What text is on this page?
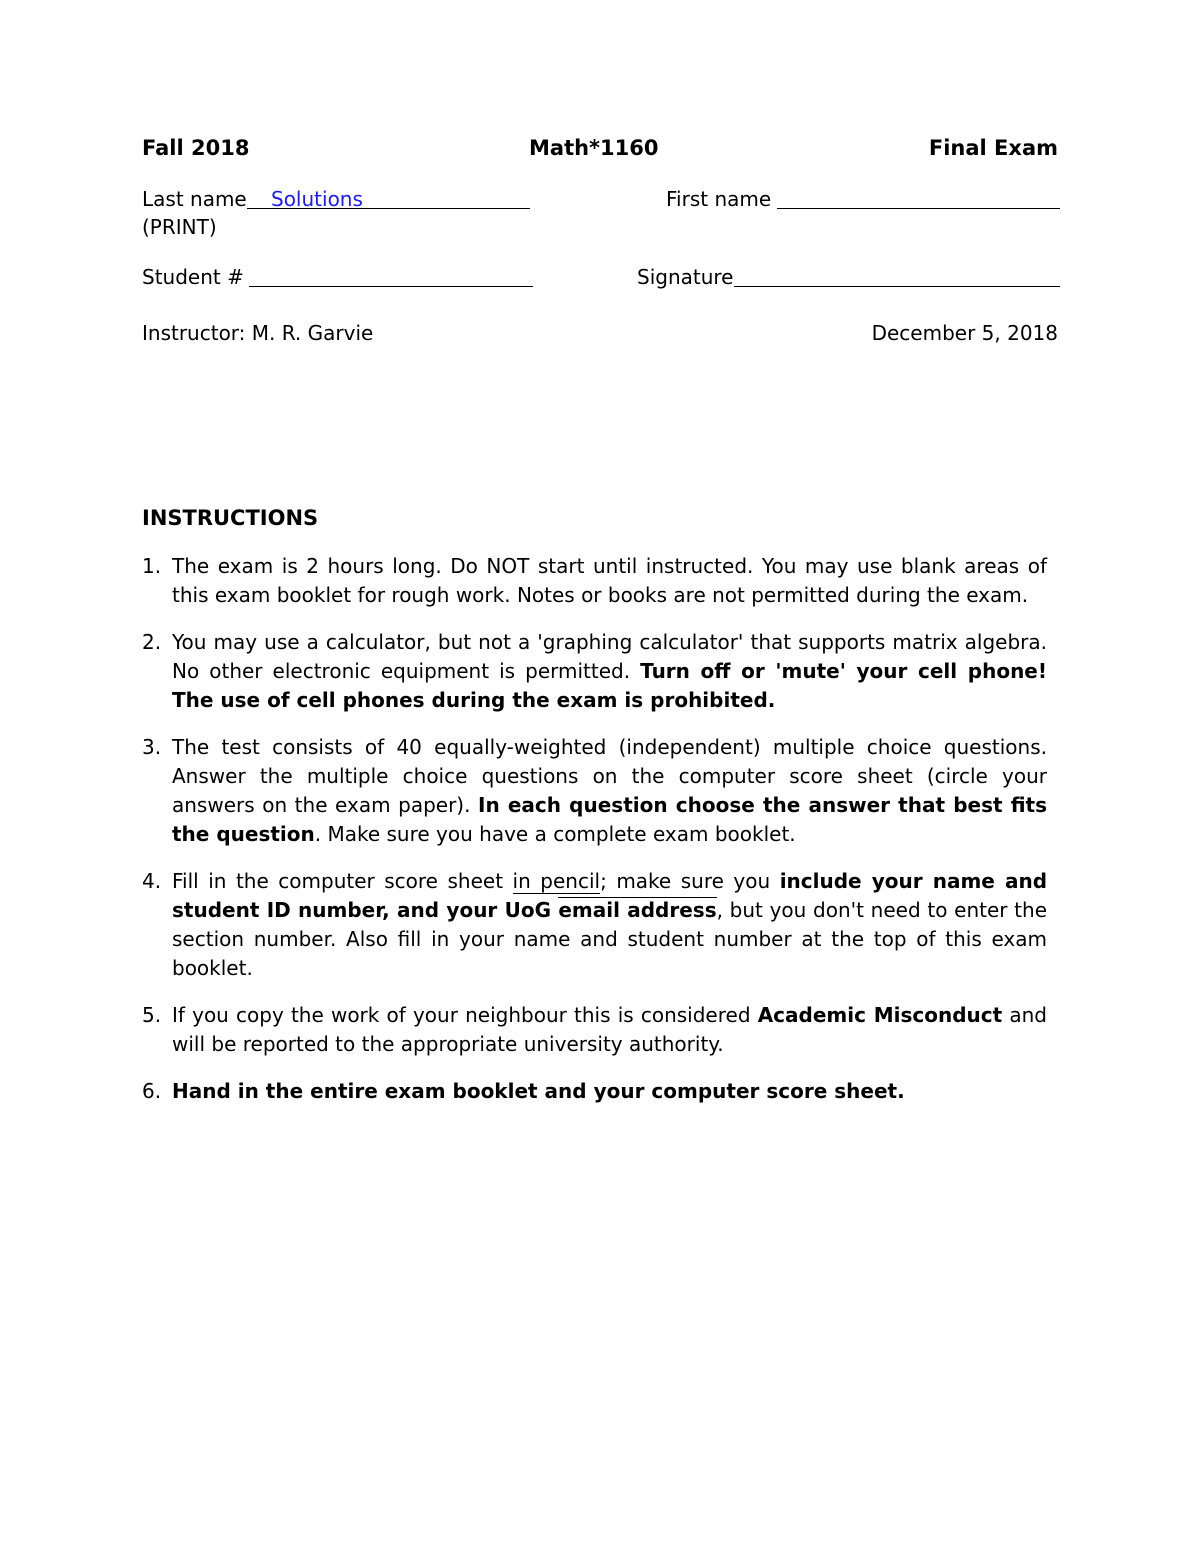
Fall 2018	Math*1160	Final Exam
Last name Solutions
(PRINT)
First name
Student #	Signature
Instructor: M. R. Garvie	December 5, 2018
INSTRUCTIONS
1. The exam is 2 hours long. Do NOT start until instructed. You may use blank areas of this exam booklet for rough work. Notes or books are not permitted during the exam.
2. You may use a calculator, but not a 'graphing calculator' that supports matrix algebra. No other electronic equipment is permitted. Turn off or 'mute' your cell phone! The use of cell phones during the exam is prohibited.
3. The test consists of 40 equally-weighted (independent) multiple choice questions. Answer the multiple choice questions on the computer score sheet (circle your answers on the exam paper). In each question choose the answer that best fits the question. Make sure you have a complete exam booklet.
4. Fill in the computer score sheet in pencil; make sure you include your name and student ID number, and your UoG email address, but you don't need to enter the section number. Also fill in your name and student number at the top of this exam booklet.
5. If you copy the work of your neighbour this is considered Academic Misconduct and will be reported to the appropriate university authority.
6. Hand in the entire exam booklet and your computer score sheet.
